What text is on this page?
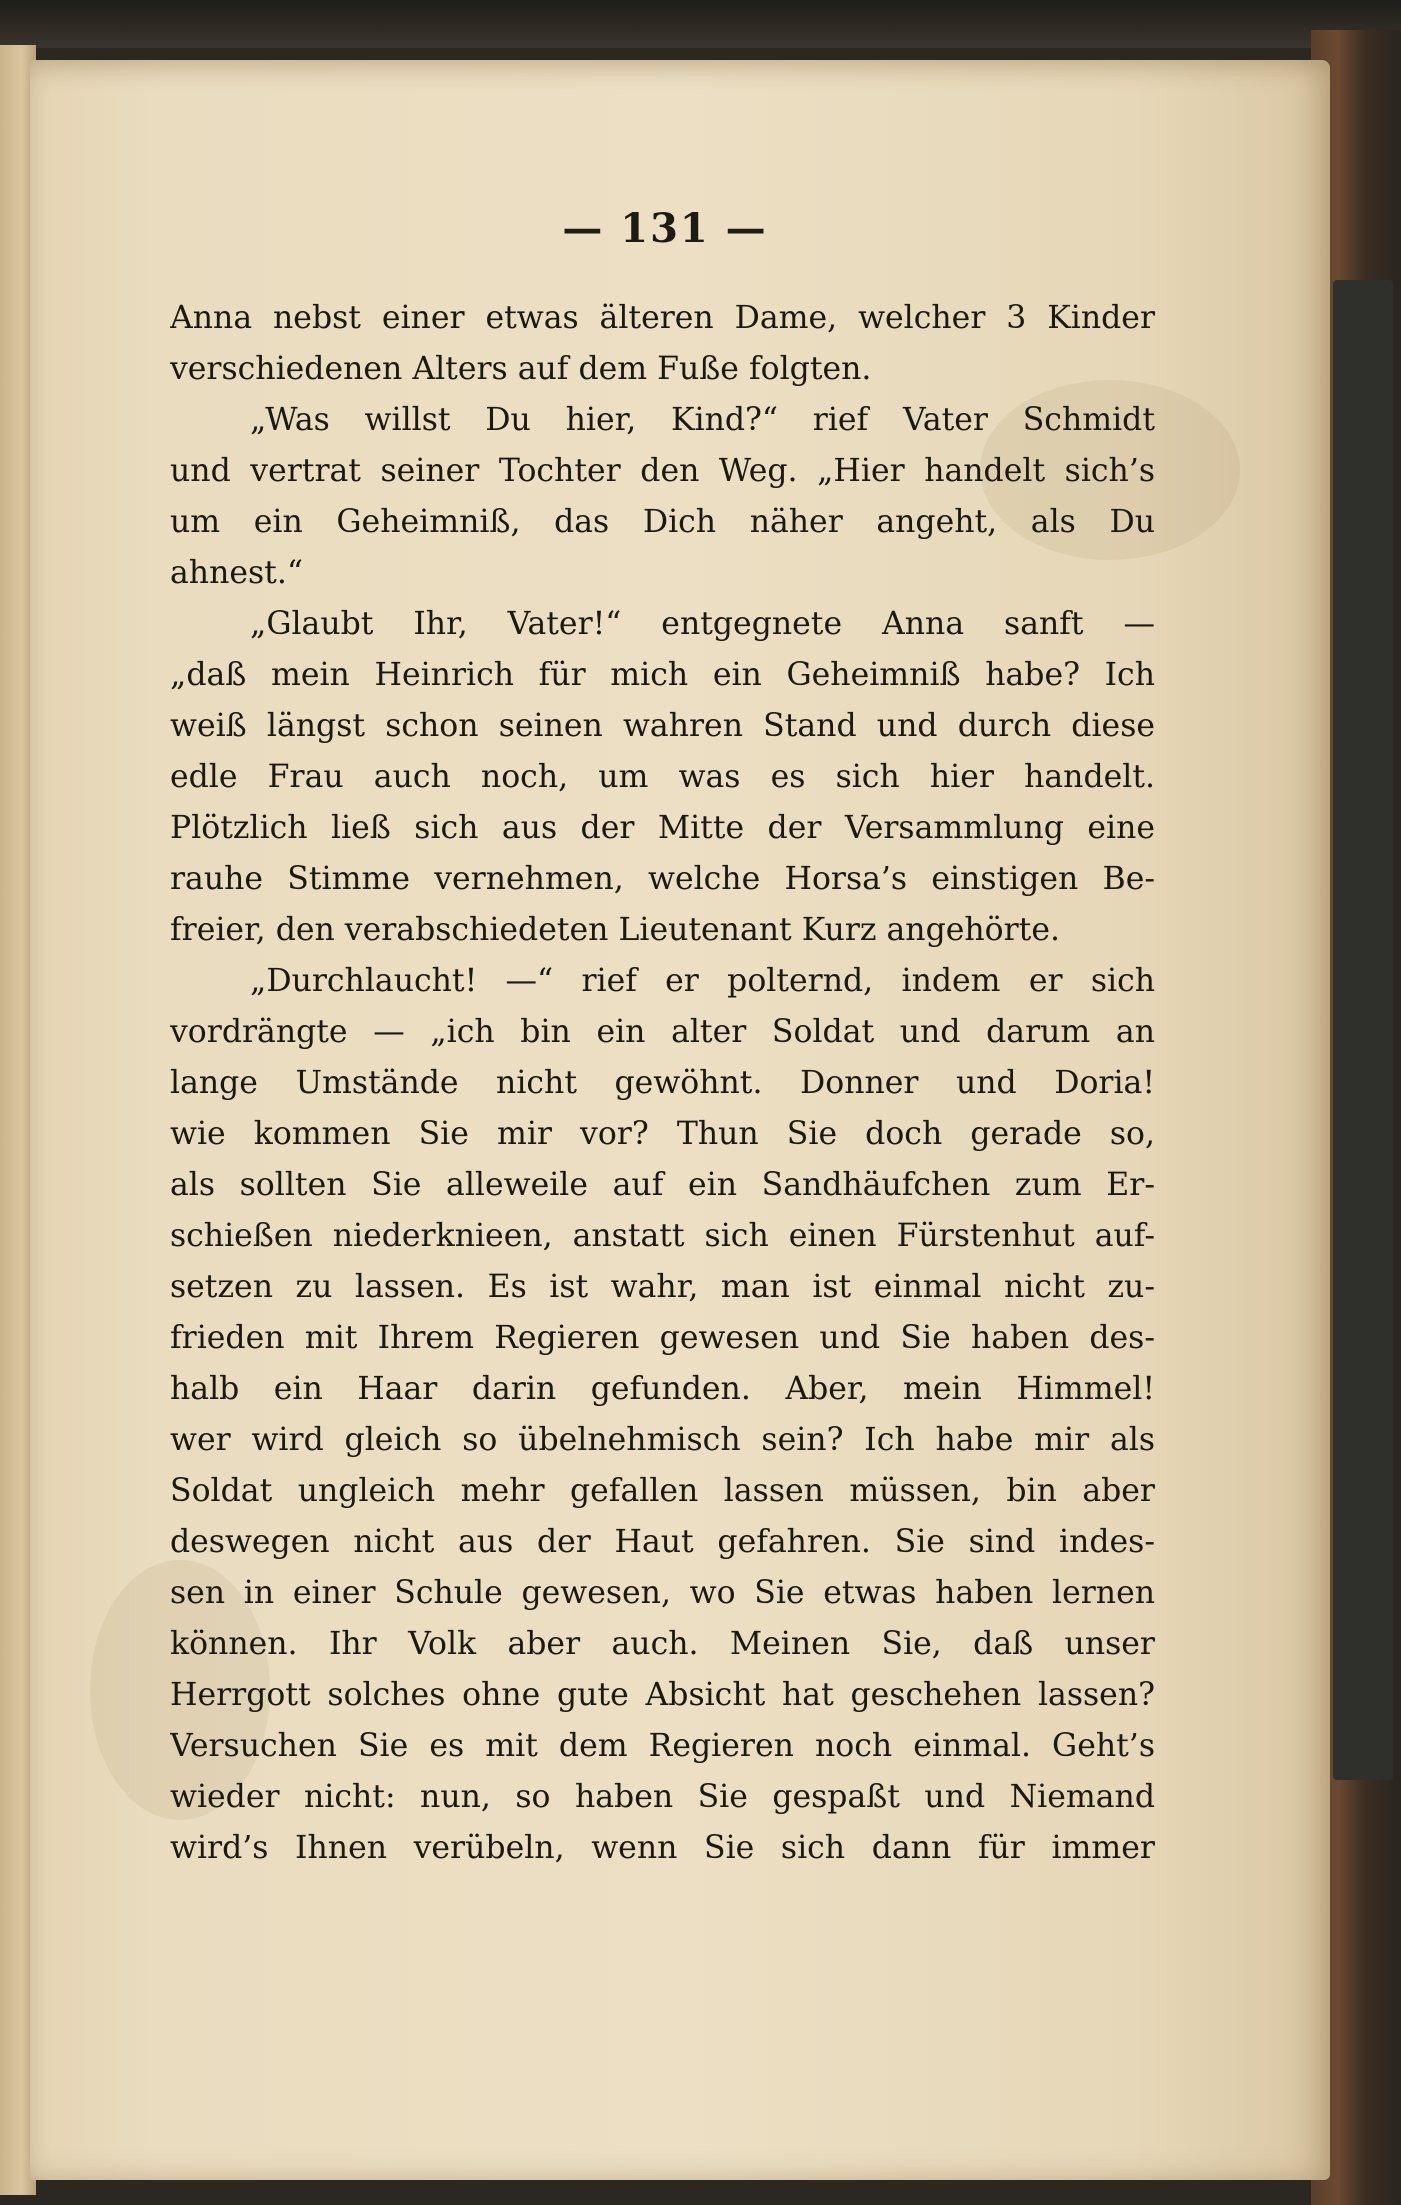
— 131 —
Anna nebst einer etwas älteren Dame, welcher 3 Kinder
verschiedenen Alters auf dem Fuße folgten.
„Was willst Du hier, Kind?“ rief Vater Schmidt
und vertrat seiner Tochter den Weg. „Hier handelt sich’s
um ein Geheimniß, das Dich näher angeht, als Du
ahnest.“
„Glaubt Ihr, Vater!“ entgegnete Anna sanft —
„daß mein Heinrich für mich ein Geheimniß habe? Ich
weiß längst schon seinen wahren Stand und durch diese
edle Frau auch noch, um was es sich hier handelt.
Plötzlich ließ sich aus der Mitte der Versammlung eine
rauhe Stimme vernehmen, welche Horsa’s einstigen Be-
freier, den verabschiedeten Lieutenant Kurz angehörte.
„Durchlaucht! —“ rief er polternd, indem er sich
vordrängte — „ich bin ein alter Soldat und darum an
lange Umstände nicht gewöhnt. Donner und Doria!
wie kommen Sie mir vor? Thun Sie doch gerade so,
als sollten Sie alleweile auf ein Sandhäufchen zum Er-
schießen niederknieen, anstatt sich einen Fürstenhut auf-
setzen zu lassen. Es ist wahr, man ist einmal nicht zu-
frieden mit Ihrem Regieren gewesen und Sie haben des-
halb ein Haar darin gefunden. Aber, mein Himmel!
wer wird gleich so übelnehmisch sein? Ich habe mir als
Soldat ungleich mehr gefallen lassen müssen, bin aber
deswegen nicht aus der Haut gefahren. Sie sind indes-
sen in einer Schule gewesen, wo Sie etwas haben lernen
können. Ihr Volk aber auch. Meinen Sie, daß unser
Herrgott solches ohne gute Absicht hat geschehen lassen?
Versuchen Sie es mit dem Regieren noch einmal. Geht’s
wieder nicht: nun, so haben Sie gespaßt und Niemand
wird’s Ihnen verübeln, wenn Sie sich dann für immer
